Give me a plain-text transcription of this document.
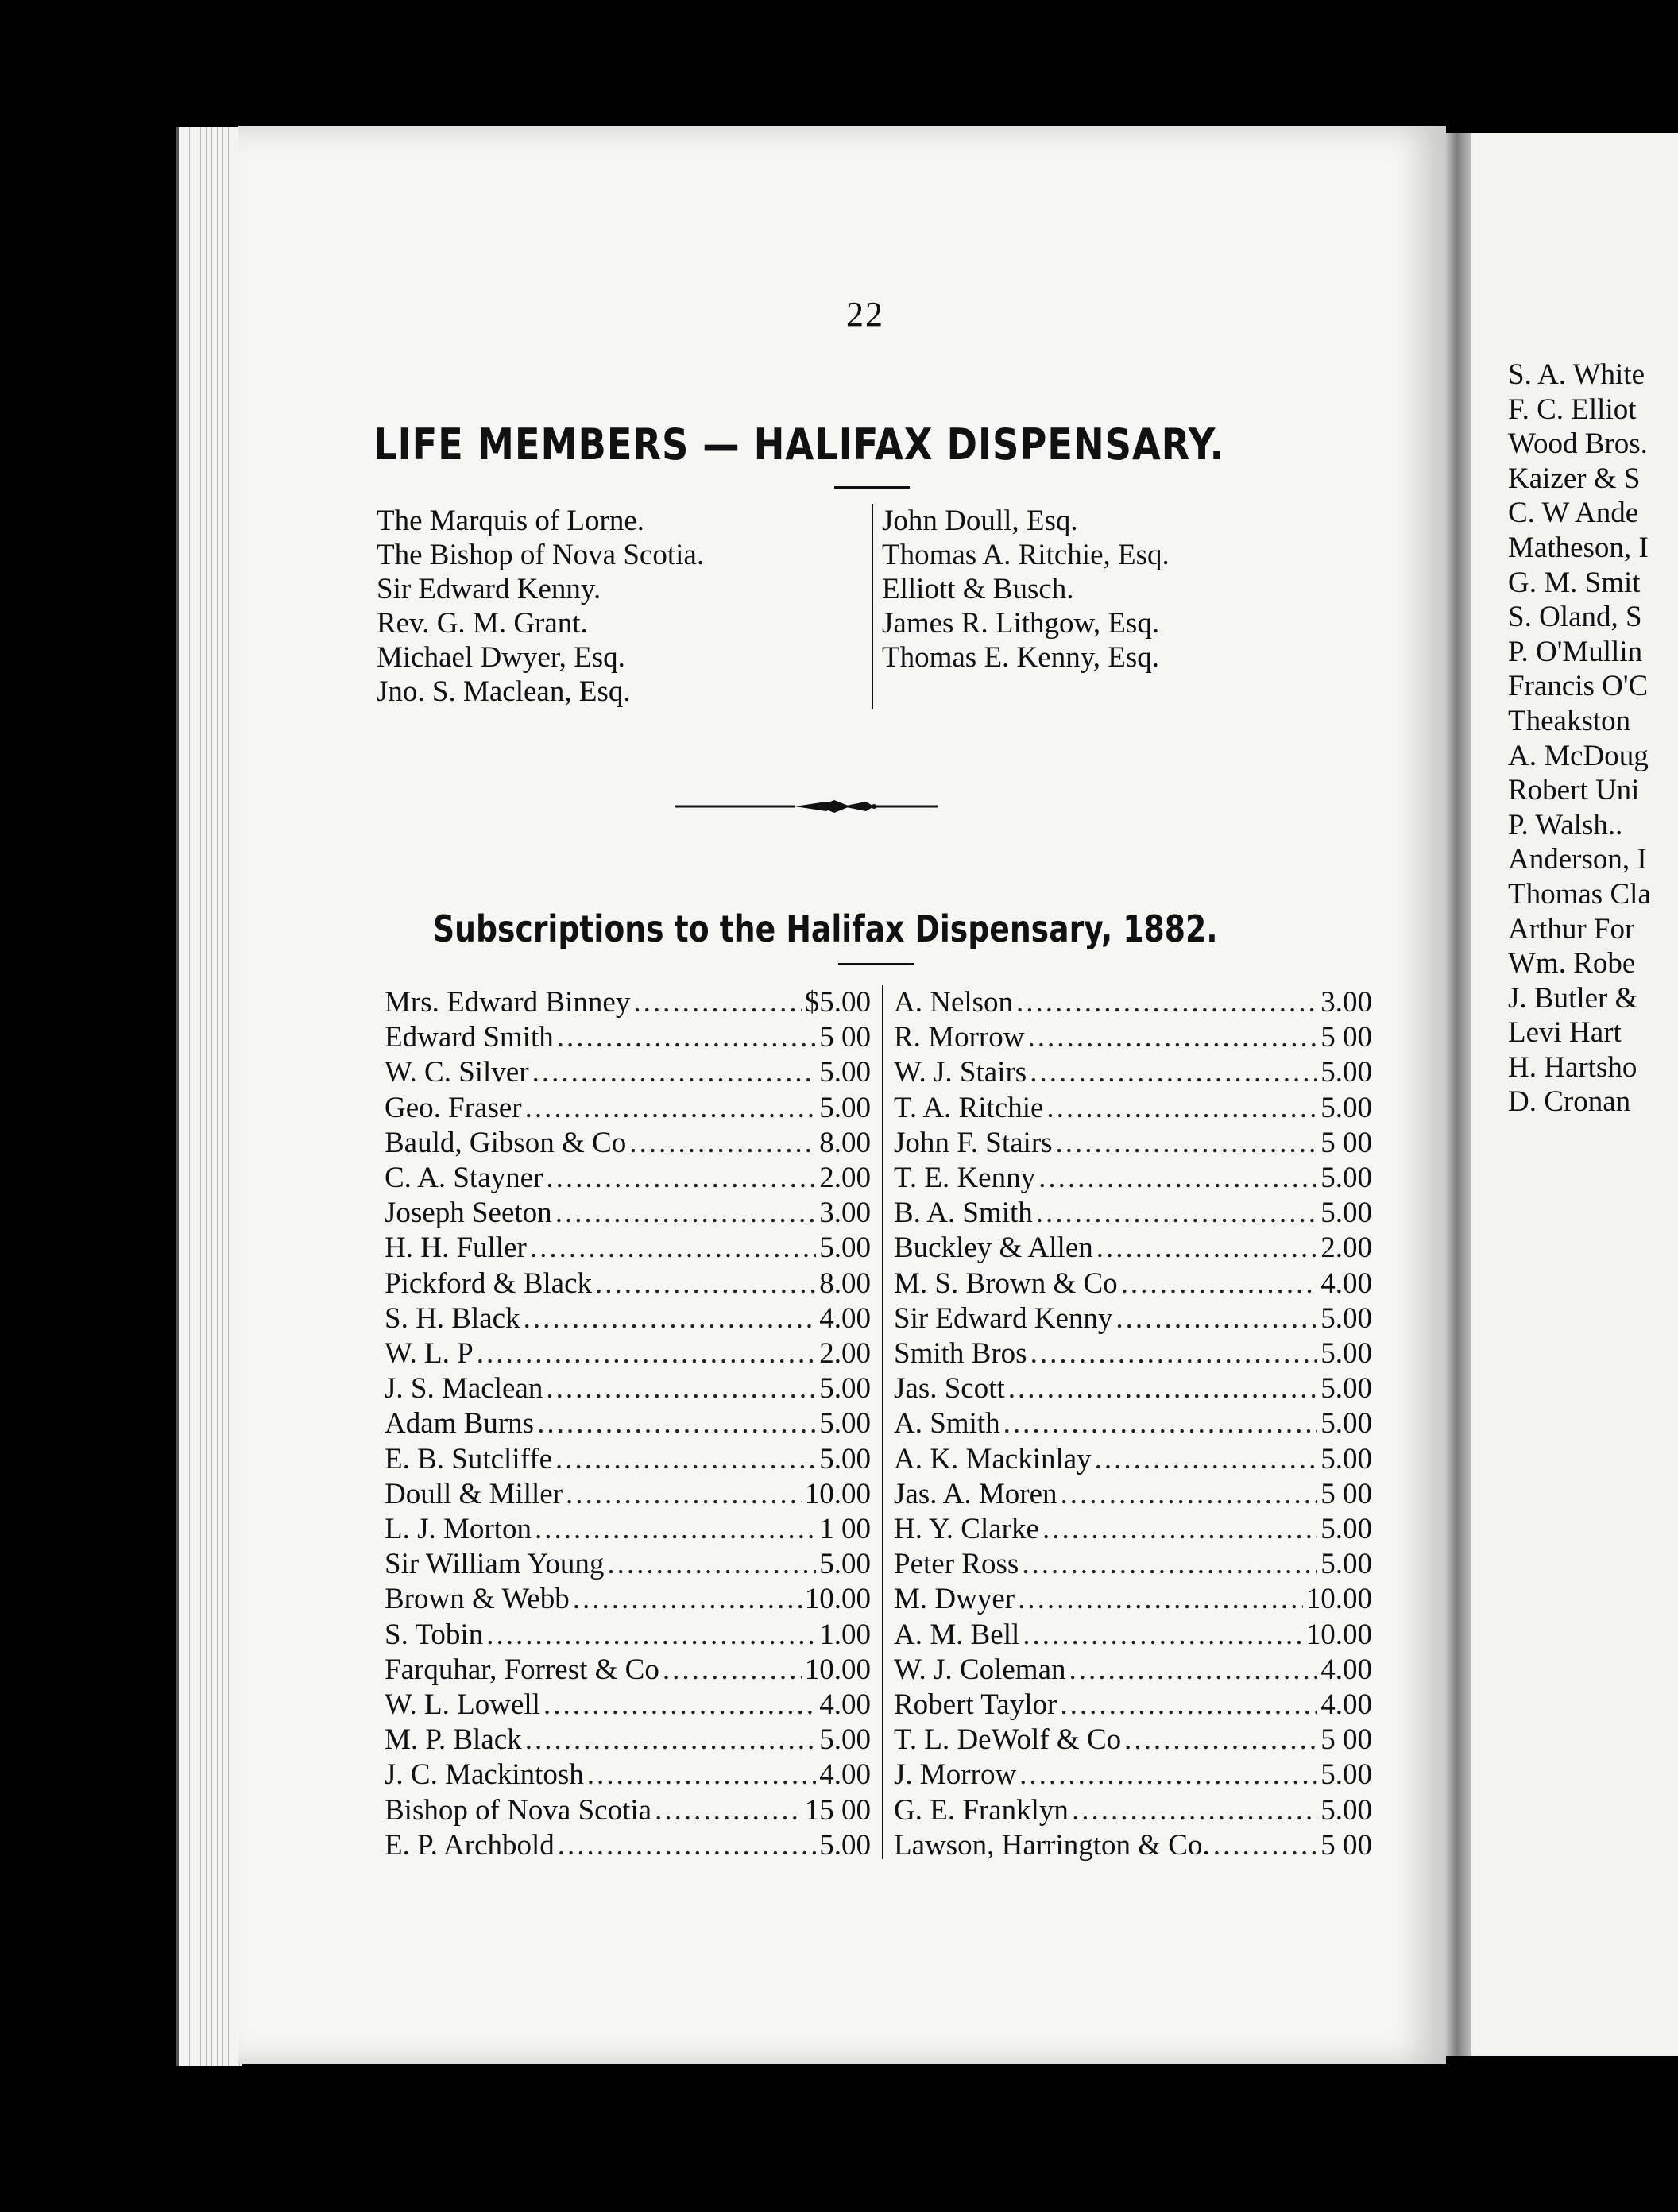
22
LIFE MEMBERS — HALIFAX DISPENSARY.
The Marquis of Lorne.
The Bishop of Nova Scotia.
Sir Edward Kenny.
Rev. G. M. Grant.
Michael Dwyer, Esq.
Jno. S. Maclean, Esq.
John Doull, Esq.
Thomas A. Ritchie, Esq.
Elliott & Busch.
James R. Lithgow, Esq.
Thomas E. Kenny, Esq.
Subscriptions to the Halifax Dispensary, 1882.
Mrs. Edward Binney .....	$5.00
Edward Smith .....	5 00
W. C. Silver .....	5.00
Geo. Fraser .....	5.00
Bauld, Gibson & Co .....	8.00
C. A. Stayner .....	2.00
Joseph Seeton .....	3.00
H. H. Fuller .....	5.00
Pickford & Black .....	8.00
S. H. Black .....	4.00
W. L. P .....	2.00
J. S. Maclean .....	5.00
Adam Burns .....	5.00
E. B. Sutcliffe .....	5.00
Doull & Miller .....	10.00
L. J. Morton .....	1 00
Sir William Young .....	5.00
Brown & Webb .....	10.00
S. Tobin .....	1.00
Farquhar, Forrest & Co .....	10.00
W. L. Lowell .....	4.00
M. P. Black .....	5.00
J. C. Mackintosh .....	4.00
Bishop of Nova Scotia .....	15 00
E. P. Archbold .....	5.00
A. Nelson .....	3.00
R. Morrow .....	5 00
W. J. Stairs .....	5.00
T. A. Ritchie .....	5.00
John F. Stairs .....	5 00
T. E. Kenny .....	5.00
B. A. Smith .....	5.00
Buckley & Allen .....	2.00
M. S. Brown & Co .....	4.00
Sir Edward Kenny .....	5.00
Smith Bros .....	5.00
Jas. Scott .....	5.00
A. Smith .....	5.00
A. K. Mackinlay .....	5.00
Jas. A. Moren .....	5 00
H. Y. Clarke .....	5.00
Peter Ross .....	5.00
M. Dwyer .....	10.00
A. M. Bell .....	10.00
W. J. Coleman .....	4.00
Robert Taylor .....	4.00
T. L. DeWolf & Co .....	5 00
J. Morrow .....	5.00
G. E. Franklyn .....	5.00
Lawson, Harrington & Co. .....	5 00
S. A. White
F. C. Elliot
Wood Bros.
Kaizer & S
C. W Ande
Matheson, I
G. M. Smit
S. Oland, S
P. O'Mullin
Francis O'C
Theakston
A. McDoug
Robert Uni
P. Walsh..
Anderson, I
Thomas Cla
Arthur For
Wm. Robe
J. Butler &
Levi Hart
H. Hartsho
D. Cronan
